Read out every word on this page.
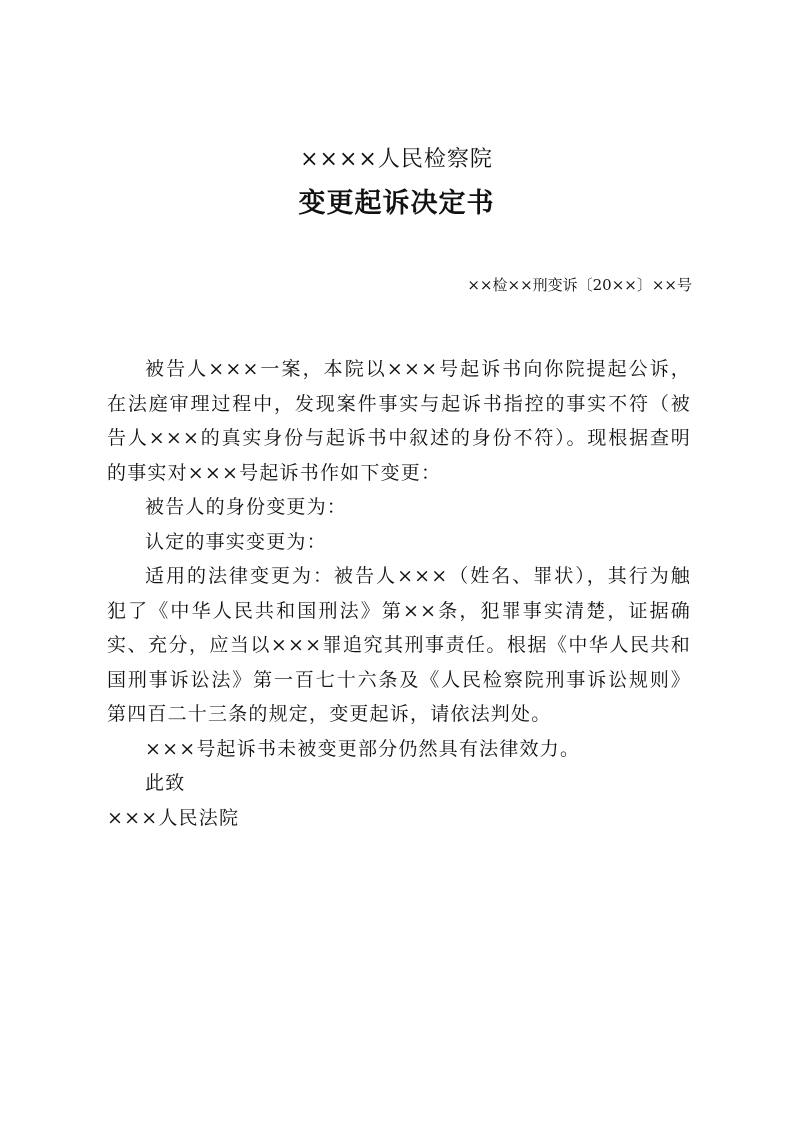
××××人民检察院
变更起诉决定书
××检××刑变诉〔20××〕××号

被告人×××一案，本院以×××号起诉书向你院提起公诉，在法庭审理过程中，发现案件事实与起诉书指控的事实不符（被告人×××的真实身份与起诉书中叙述的身份不符）。现根据查明的事实对×××号起诉书作如下变更：

被告人的身份变更为：

认定的事实变更为：

适用的法律变更为：被告人×××（姓名、罪状），其行为触犯了《中华人民共和国刑法》第××条，犯罪事实清楚，证据确实、充分，应当以×××罪追究其刑事责任。根据《中华人民共和国刑事诉讼法》第一百七十六条及《人民检察院刑事诉讼规则》第四百二十三条的规定，变更起诉，请依法判处。

×××号起诉书未被变更部分仍然具有法律效力。

此致

×××人民法院
